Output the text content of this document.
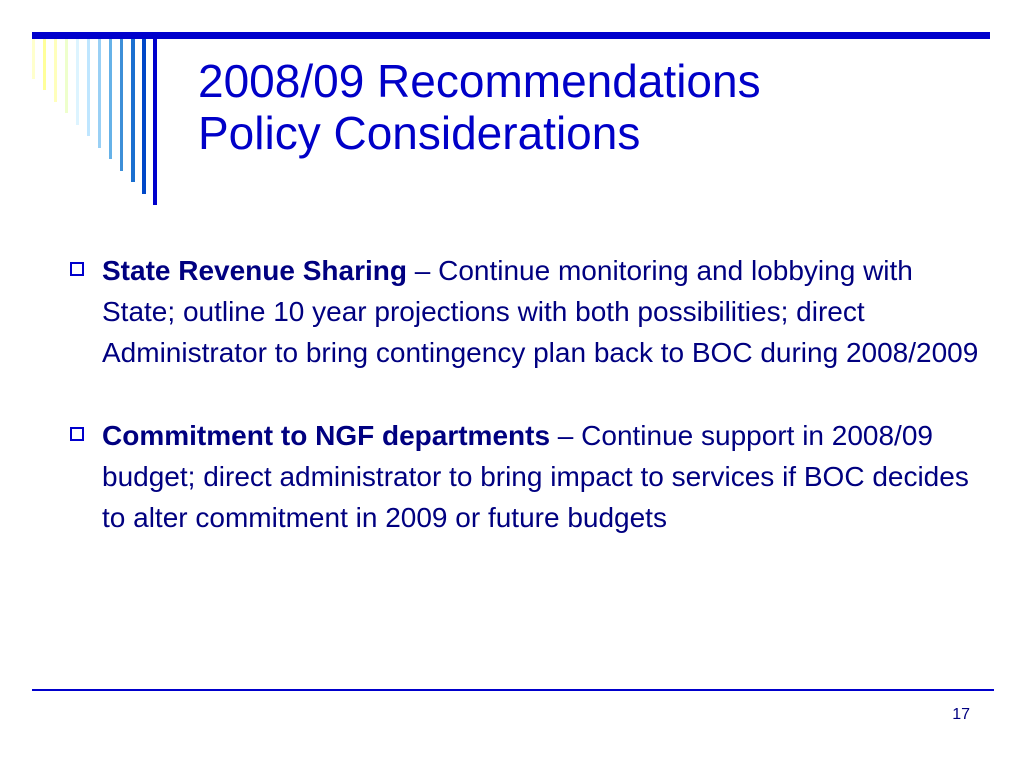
2008/09 Recommendations
Policy Considerations
State Revenue Sharing – Continue monitoring and lobbying with State; outline 10 year projections with both possibilities; direct Administrator to bring contingency plan back to BOC during 2008/2009
Commitment to NGF departments – Continue support in 2008/09 budget; direct administrator to bring impact to services if BOC decides to alter commitment in 2009 or future budgets
17
